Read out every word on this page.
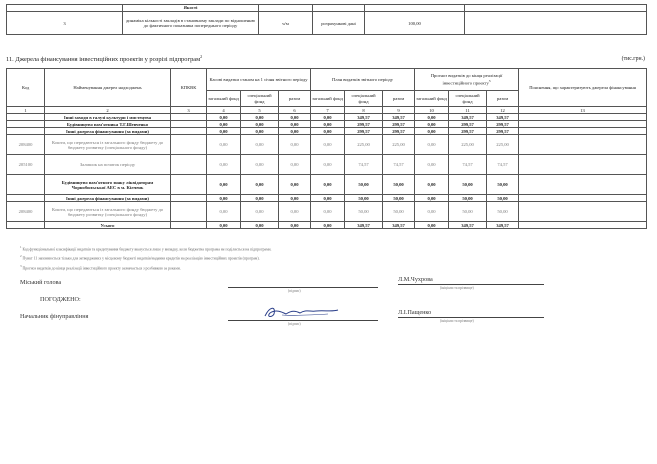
	Якості				
3	динаміка кількості закладів в становному заклади по відношенню до фактичного показника попереднього періоду	ч/м	розрахункові дані	100,00	
11. Джерела фінансування інвестиційних проектів у розрізі підпрограм$^2$	(тис.грн.)
Код	Найменування джерел надходжень	КПКВК	Касові видатки станом на 1 січня звітного періоду			План видатків звітного періоду			Прогноз видатків до кінця реалізації інвестиційного проекту$^3$			Пояснення, що характеризують джерела фінансування
			загальний фонд	спеціальний фонд	разом	загальний фонд	спеціальний фонд	разом	загальний фонд	спеціальний фонд	разом	
1	2	3	4	5	6	7	8	9	10	11	12	13
	Інші заходи в галузі культури і мистецтва		0,00	0,00	0,00	0,00	349,57	349,57	0,00	349,57	349,57	
	Будівництво пам'ятника Т.Г.Шевченко		0,00	0,00	0,00	0,00	299,57	299,57	0,00	299,57	299,57	
	Інші джерела фінансування (за видами)		0,00	0,00	0,00	0,00	299,57	299,57	0,00	299,57	299,57	
208400	Кошти, що передаються із загального фонду бюджету до бюджету розвитку (спеціального фонду)		0,00	0,00	0,00	0,00	225,00	225,00	0,00	225,00	225,00	
205100	Залишок на початок періоду		0,00	0,00	0,00	0,00	74,57	74,57	0,00	74,57	74,57	
	Будівництво пам'ятного знаку ліквідаторам Чорнобильської АЕС в м. Кілчень		0,00	0,00	0,00	0,00	50,00	50,00	0,00	50,00	50,00	
	Інші джерела фінансування (за видами)		0,00	0,00	0,00	0,00	50,00	50,00	0,00	50,00	50,00	
208400	Кошти, що передаються із загального фонду бюджету до бюджету розвитку (спеціального фонду)		0,00	0,00	0,00	0,00	50,00	50,00	0,00	50,00	50,00	
	Усього		0,00	0,00	0,00	0,00	349,57	349,57	0,00	349,57	349,57	
$^1$ Код функціональної класифікації видатків та кредитування бюджету вказується лише у випадку, коли бюджетна програма не поділяється на підпрограми.
$^2$ Пункт 11 заповнюється тільки для затверджених у місцевому бюджеті видатків/надання кредитів на реалізацію інвестиційних проектів (програм).
$^3$ Прогноз видатків до кінця реалізації інвестиційного проекту зазначається з розбивкою за роками.
Міський голова
(підпис)
Л.М.Чухрова
(ініціали та прізвище)
ПОГОДЖЕНО:
Начальник фінуправління
(підпис)
Л.І.Пащенко
(ініціали та прізвище)
